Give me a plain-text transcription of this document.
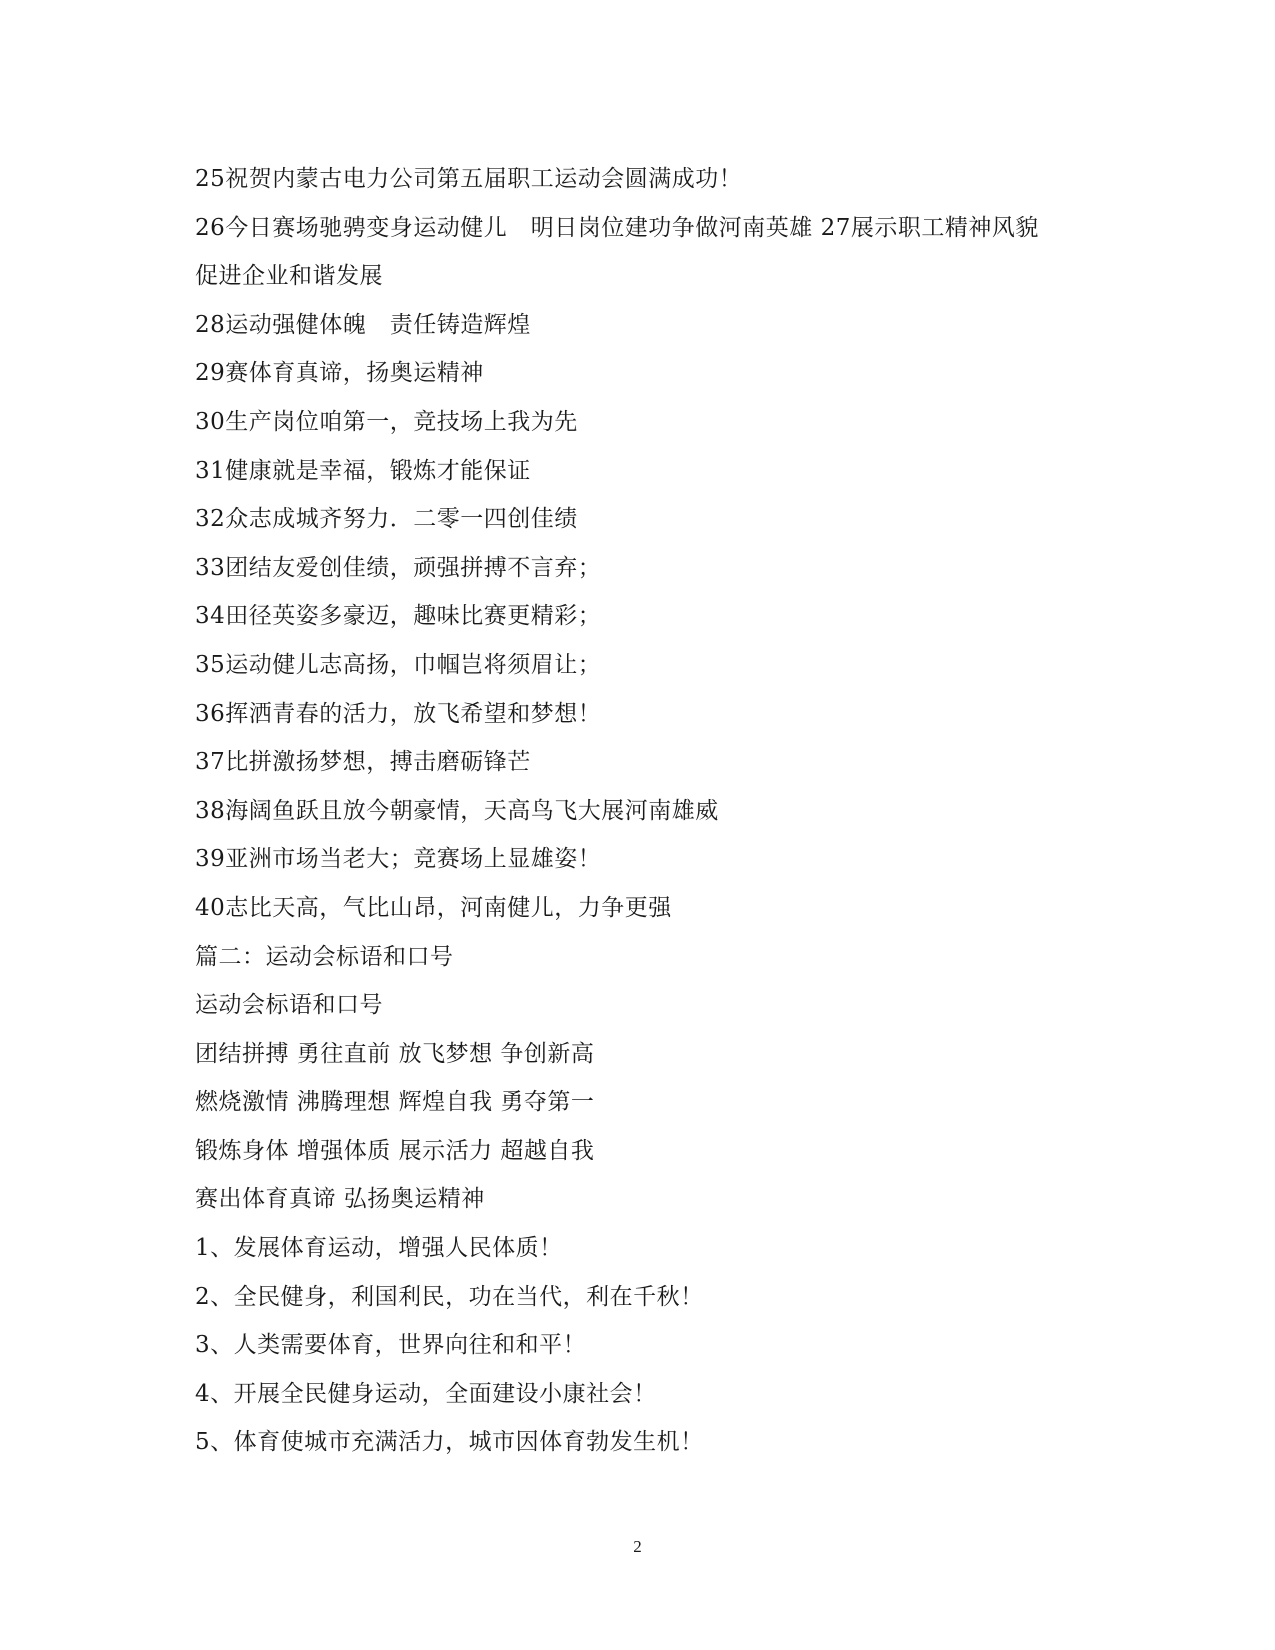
25祝贺内蒙古电力公司第五届职工运动会圆满成功！
26今日赛场驰骋变身运动健儿　明日岗位建功争做河南英雄 27展示职工精神风貌
促进企业和谐发展
28运动强健体魄　责任铸造辉煌
29赛体育真谛，扬奥运精神
30生产岗位咱第一，竞技场上我为先
31健康就是幸福，锻炼才能保证
32众志成城齐努力．二零一四创佳绩
33团结友爱创佳绩，顽强拼搏不言弃；
34田径英姿多豪迈，趣味比赛更精彩；
35运动健儿志高扬，巾帼岂将须眉让；
36挥洒青春的活力，放飞希望和梦想！
37比拼激扬梦想，搏击磨砺锋芒
38海阔鱼跃且放今朝豪情，天高鸟飞大展河南雄威
39亚洲市场当老大；竞赛场上显雄姿！
40志比天高，气比山昂，河南健儿，力争更强
篇二：运动会标语和口号
运动会标语和口号
团结拼搏 勇往直前 放飞梦想 争创新高
燃烧激情 沸腾理想 辉煌自我 勇夺第一
锻炼身体 增强体质 展示活力 超越自我
赛出体育真谛 弘扬奥运精神
1、发展体育运动，增强人民体质！
2、全民健身，利国利民，功在当代，利在千秋！
3、人类需要体育，世界向往和和平！
4、开展全民健身运动，全面建设小康社会！
5、体育使城市充满活力，城市因体育勃发生机！
2
